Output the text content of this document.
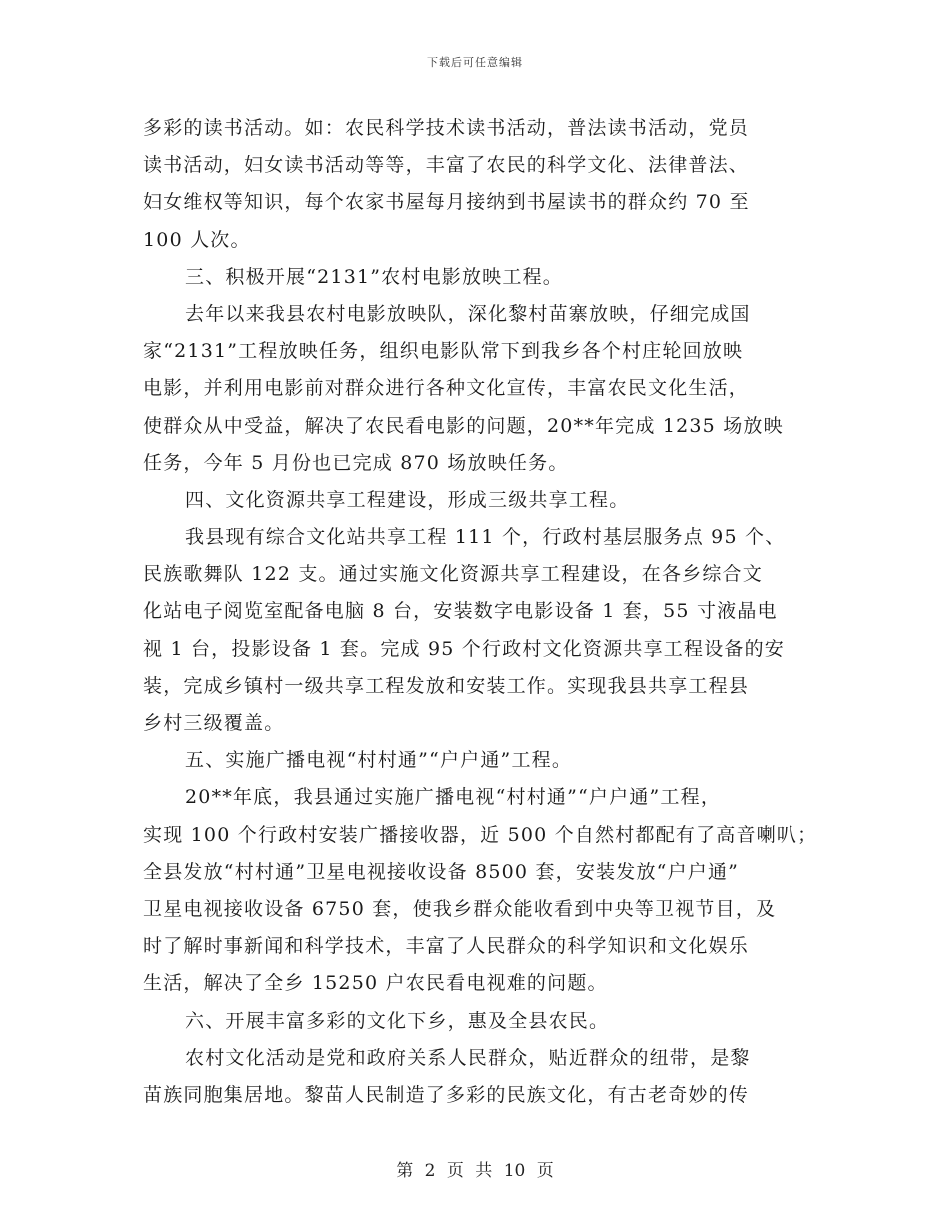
下载后可任意编辑
多彩的读书活动。如：农民科学技术读书活动，普法读书活动，党员
读书活动，妇女读书活动等等，丰富了农民的科学文化、法律普法、
妇女维权等知识，每个农家书屋每月接纳到书屋读书的群众约 70 至
100 人次。
三、积极开展“2131”农村电影放映工程。
去年以来我县农村电影放映队，深化黎村苗寨放映，仔细完成国
家“2131”工程放映任务，组织电影队常下到我乡各个村庄轮回放映
电影，并利用电影前对群众进行各种文化宣传，丰富农民文化生活，
使群众从中受益，解决了农民看电影的问题，20**年完成 1235 场放映
任务，今年 5 月份也已完成 870 场放映任务。
四、文化资源共享工程建设，形成三级共享工程。
我县现有综合文化站共享工程 111 个，行政村基层服务点 95 个、
民族歌舞队 122 支。通过实施文化资源共享工程建设，在各乡综合文
化站电子阅览室配备电脑 8 台，安装数字电影设备 1 套，55 寸液晶电
视 1 台，投影设备 1 套。完成 95 个行政村文化资源共享工程设备的安
装，完成乡镇村一级共享工程发放和安装工作。实现我县共享工程县
乡村三级覆盖。
五、实施广播电视“村村通”“户户通”工程。
20**年底，我县通过实施广播电视“村村通”“户户通”工程，
实现 100 个行政村安装广播接收器，近 500 个自然村都配有了高音喇叭；
全县发放“村村通”卫星电视接收设备 8500 套，安装发放“户户通”
卫星电视接收设备 6750 套，使我乡群众能收看到中央等卫视节目，及
时了解时事新闻和科学技术，丰富了人民群众的科学知识和文化娱乐
生活，解决了全乡 15250 户农民看电视难的问题。
六、开展丰富多彩的文化下乡，惠及全县农民。
农村文化活动是党和政府关系人民群众，贴近群众的纽带，是黎
苗族同胞集居地。黎苗人民制造了多彩的民族文化，有古老奇妙的传
第 2 页 共 10 页
